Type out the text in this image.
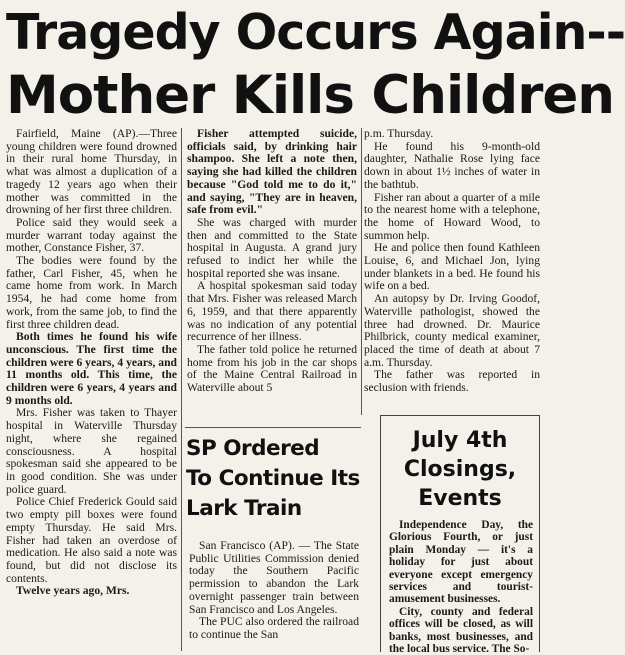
Tragedy Occurs Again--
Mother Kills Children

Fairfield, Maine (AP).—Three young children were found drowned in their rural home Thursday, in what was almost a duplication of a tragedy 12 years ago when their mother was committed in the drowning of her first three children.

Police said they would seek a murder warrant today against the mother, Constance Fisher, 37.

The bodies were found by the father, Carl Fisher, 45, when he came home from work. In March 1954, he had come home from work, from the same job, to find the first three children dead.

Both times he found his wife unconscious. The first time the children were 6 years, 4 years, and 11 months old. This time, the children were 6 years, 4 years and 9 months old.

Mrs. Fisher was taken to Thayer hospital in Waterville Thursday night, where she regained consciousness. A hospital spokesman said she appeared to be in good condition. She was under police guard.

Police Chief Frederick Gould said two empty pill boxes were found empty Thursday. He said Mrs. Fisher had taken an overdose of medication. He also said a note was found, but did not disclose its contents.

Twelve years ago, Mrs.

Fisher attempted suicide, officials said, by drinking hair shampoo. She left a note then, saying she had killed the children because "God told me to do it," and saying, "They are in heaven, safe from evil."

She was charged with murder then and committed to the State hospital in Augusta. A grand jury refused to indict her while the hospital reported she was insane.

A hospital spokesman said today that Mrs. Fisher was released March 6, 1959, and that there apparently was no indication of any potential recurrence of her illness.

The father told police he returned home from his job in the car shops of the Maine Central Railroad in Waterville about 5

p.m. Thursday.

He found his 9-month-old daughter, Nathalie Rose lying face down in about 1½ inches of water in the bathtub.

Fisher ran about a quarter of a mile to the nearest home with a telephone, the home of Howard Wood, to summon help.

He and police then found Kathleen Louise, 6, and Michael Jon, lying under blankets in a bed. He found his wife on a bed.

An autopsy by Dr. Irving Goodof, Waterville pathologist, showed the three had drowned. Dr. Maurice Philbrick, county medical examiner, placed the time of death at about 7 a.m. Thursday.

The father was reported in seclusion with friends.

SP Ordered
To Continue Its
Lark Train

San Francisco (AP). — The State Public Utilities Commission denied today the Southern Pacific permission to abandon the Lark overnight passenger train between San Francisco and Los Angeles.

The PUC also ordered the railroad to continue the San

July 4th
Closings,
Events

Independence Day, the Glorious Fourth, or just plain Monday — it's a holiday for just about everyone except emergency services and tourist-amusement businesses.

City, county and federal offices will be closed, as will banks, most businesses, and the local bus service. The So-
